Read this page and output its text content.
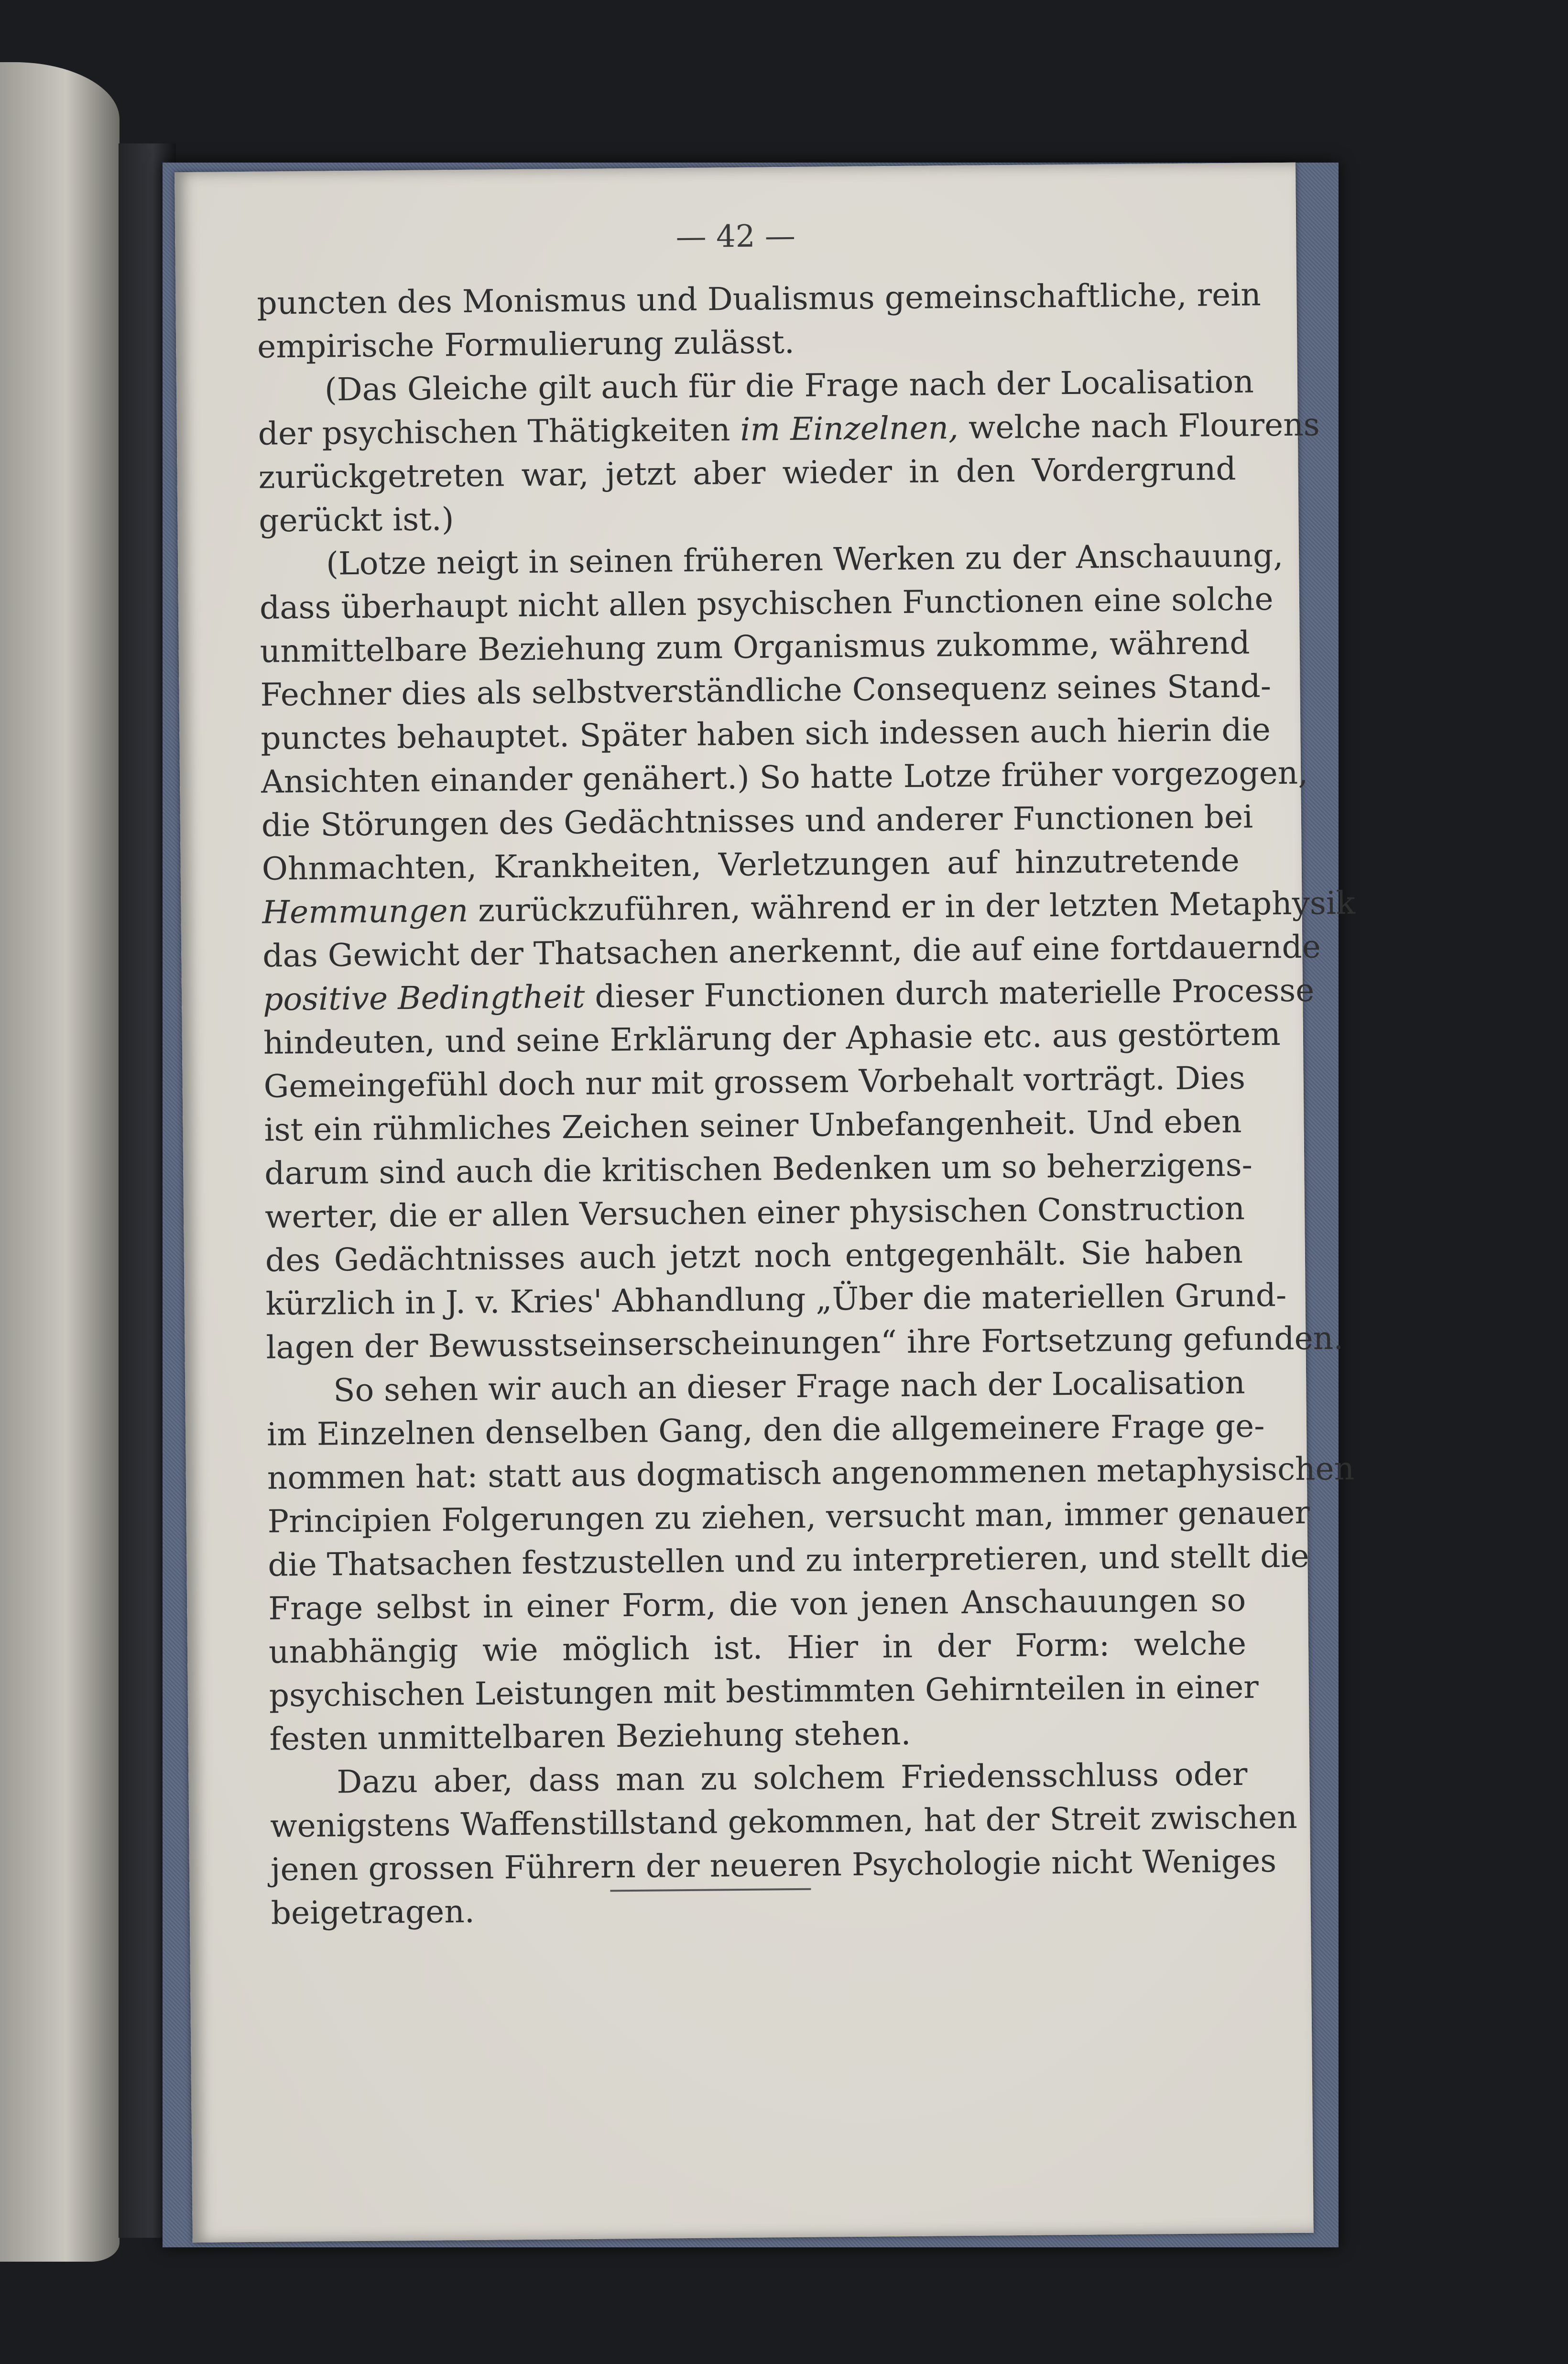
— 42 —
puncten des Monismus und Dualismus gemeinschaftliche, rein
empirische Formulierung zulässt.
(Das Gleiche gilt auch für die Frage nach der Localisation
der psychischen Thätigkeiten im Einzelnen, welche nach Flourens
zurückgetreten war, jetzt aber wieder in den Vordergrund
gerückt ist.)
(Lotze neigt in seinen früheren Werken zu der Anschauung,
dass überhaupt nicht allen psychischen Functionen eine solche
unmittelbare Beziehung zum Organismus zukomme, während
Fechner dies als selbstverständliche Consequenz seines Stand-
punctes behauptet. Später haben sich indessen auch hierin die
Ansichten einander genähert.) So hatte Lotze früher vorgezogen,
die Störungen des Gedächtnisses und anderer Functionen bei
Ohnmachten, Krankheiten, Verletzungen auf hinzutretende
Hemmungen zurückzuführen, während er in der letzten Metaphysik
das Gewicht der Thatsachen anerkennt, die auf eine fortdauernde
positive Bedingtheit dieser Functionen durch materielle Processe
hindeuten, und seine Erklärung der Aphasie etc. aus gestörtem
Gemeingefühl doch nur mit grossem Vorbehalt vorträgt. Dies
ist ein rühmliches Zeichen seiner Unbefangenheit. Und eben
darum sind auch die kritischen Bedenken um so beherzigens-
werter, die er allen Versuchen einer physischen Construction
des Gedächtnisses auch jetzt noch entgegenhält. Sie haben
kürzlich in J. v. Kries' Abhandlung „Über die materiellen Grund-
lagen der Bewusstseinserscheinungen“ ihre Fortsetzung gefunden.
So sehen wir auch an dieser Frage nach der Localisation
im Einzelnen denselben Gang, den die allgemeinere Frage ge-
nommen hat: statt aus dogmatisch angenommenen metaphysischen
Principien Folgerungen zu ziehen, versucht man, immer genauer
die Thatsachen festzustellen und zu interpretieren, und stellt die
Frage selbst in einer Form, die von jenen Anschauungen so
unabhängig wie möglich ist. Hier in der Form: welche
psychischen Leistungen mit bestimmten Gehirnteilen in einer
festen unmittelbaren Beziehung stehen.
Dazu aber, dass man zu solchem Friedensschluss oder
wenigstens Waffenstillstand gekommen, hat der Streit zwischen
jenen grossen Führern der neueren Psychologie nicht Weniges
beigetragen.
